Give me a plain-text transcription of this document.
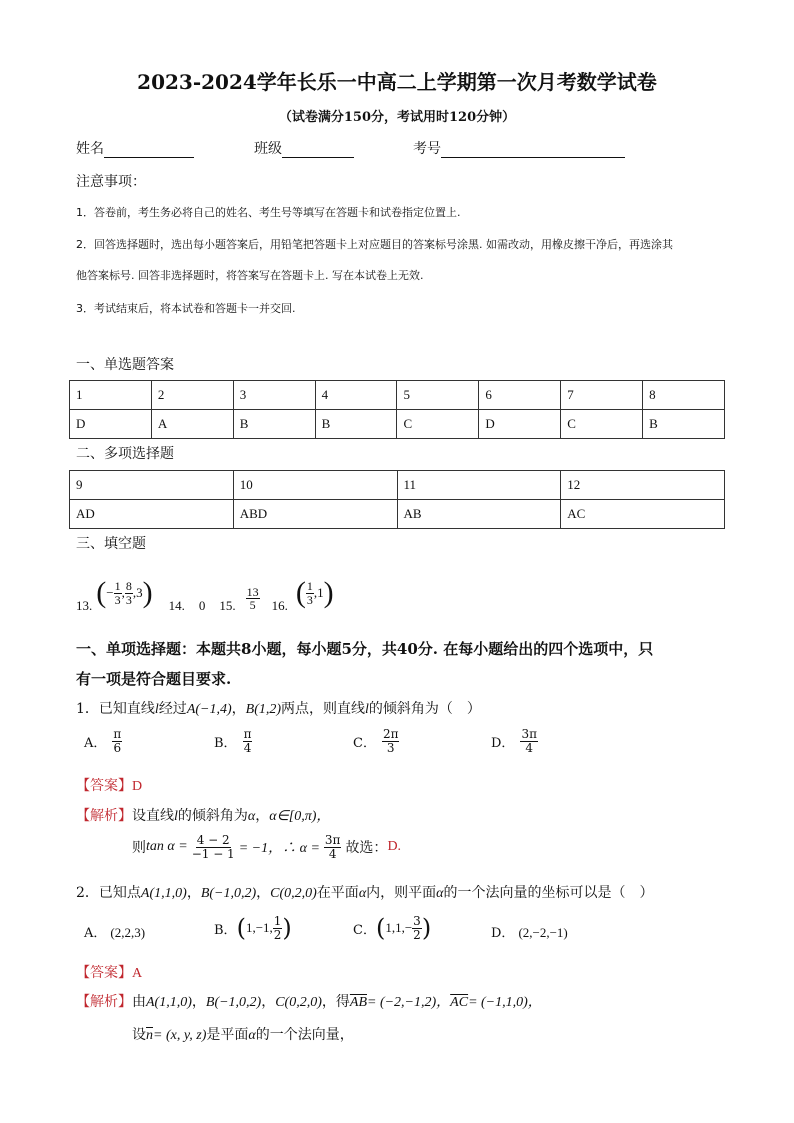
2023-2024学年长乐一中高二上学期第一次月考数学试卷
（试卷满分150分，考试用时120分钟）
姓名	班级	考号
注意事项：
1．答卷前，考生务必将自己的姓名、考生号等填写在答题卡和试卷指定位置上.
2．回答选择题时，选出每小题答案后，用铅笔把答题卡上对应题目的答案标号涂黑. 如需改动，用橡皮擦干净后，再选涂其
他答案标号. 回答非选择题时，将答案写在答题卡上. 写在本试卷上无效.
3．考试结束后，将本试卷和答题卡一并交回.
一、单选题答案
1	2	3	4	5	6	7	8
D	A	B	B	C	D	C	B
二、多项选择题
9	10	11	12
AD	ABD	AB	AC
三、填空题
13. ( − $\frac{1}{3}$ , $\frac{8}{3}$ , 3 ) 14. 0 15. $\frac{13}{5} 16$. ( $\frac{1}{3}$ , 1 )
一、单项选择题：本题共8小题，每小题5分，共40分. 在每小题给出的四个选项中，只
有一项是符合题目要求.
1．已知直线l经过A(−1,4)，B(1,2)两点，则直线l的倾斜角为（　）
A． $\frac{\pi}{6}$	B． $\frac{\pi}{4}$	C． $\frac{2\pi}{3}$	D． $\frac{3\pi}{4}$
【答案】D
【解析】设直线l的倾斜角为α，α∈[0,π)，
则 $\tan \alpha = \frac{4 - 2}{-1 - 1} = -1$，∴ $\alpha = \frac{3\pi}{4}$ 故选： D.
2．已知点A(1,1,0)，B(−1,0,2)，C(0,2,0)在平面α内，则平面α的一个法向量的坐标可以是（　）
A． (2,2,3)	B． ( 1,−1, $\frac{1}{2}$ )	C． ( $1,1,- \frac{3}{2}$ )	D． (2,−2,−1)
【答案】A
【解析】由A(1,1,0)，B(−1,0,2)，C(0,2,0)，得$\overline{AB}= (-2,-1,2)$，$\overline{AC}= (-1,1,0)$，
设$\overline{n}= (x$, y, z)是平面α的一个法向量，
